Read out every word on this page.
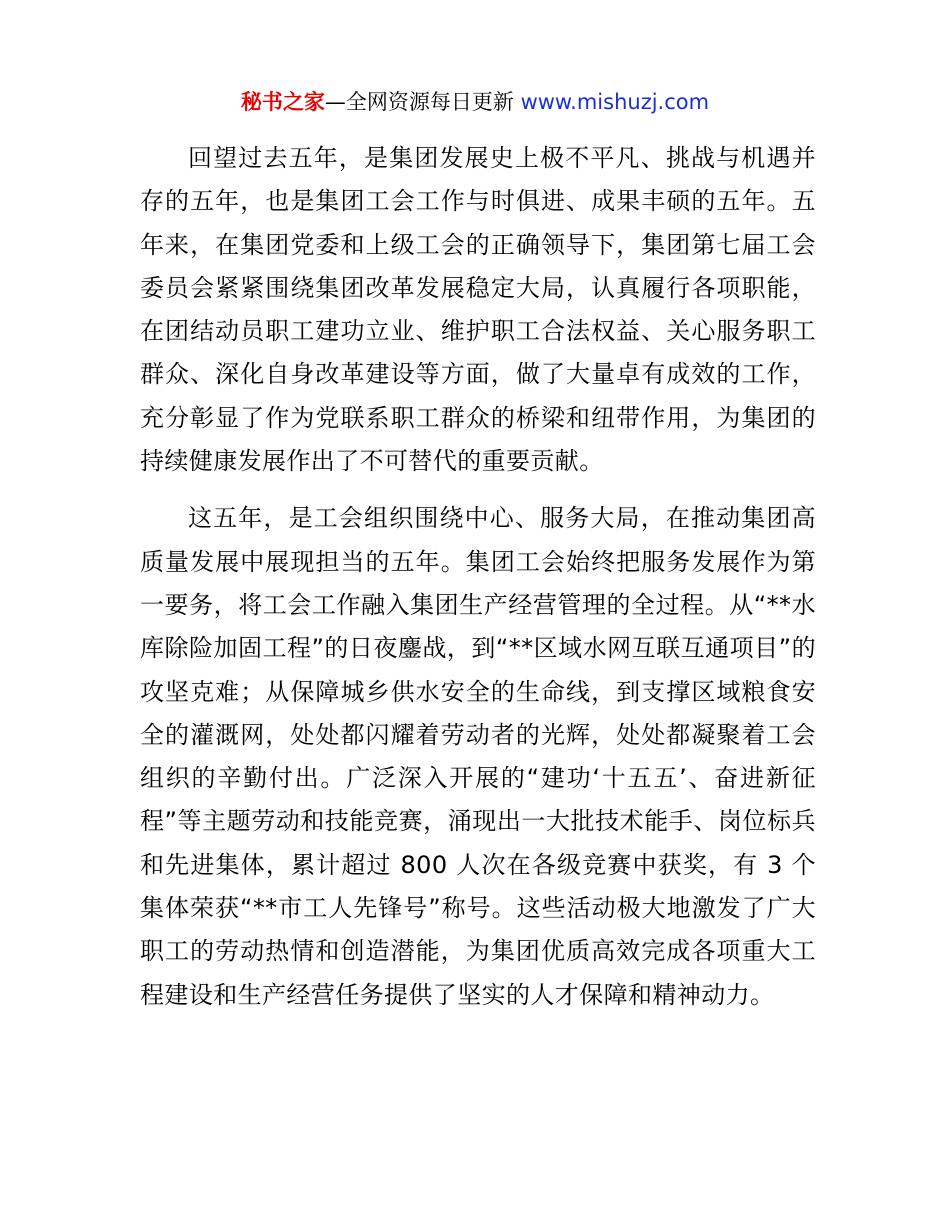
秘书之家—全网资源每日更新 www.mishuzj.com

回望过去五年，是集团发展史上极不平凡、挑战与机遇并存的五年，也是集团工会工作与时俱进、成果丰硕的五年。五年来，在集团党委和上级工会的正确领导下，集团第七届工会委员会紧紧围绕集团改革发展稳定大局，认真履行各项职能，在团结动员职工建功立业、维护职工合法权益、关心服务职工群众、深化自身改革建设等方面，做了大量卓有成效的工作，充分彰显了作为党联系职工群众的桥梁和纽带作用，为集团的持续健康发展作出了不可替代的重要贡献。

这五年，是工会组织围绕中心、服务大局，在推动集团高质量发展中展现担当的五年。集团工会始终把服务发展作为第一要务，将工会工作融入集团生产经营管理的全过程。从“**水库除险加固工程”的日夜鏖战，到“**区域水网互联互通项目”的攻坚克难；从保障城乡供水安全的生命线，到支撑区域粮食安全的灌溉网，处处都闪耀着劳动者的光辉，处处都凝聚着工会组织的辛勤付出。广泛深入开展的“建功‘十五五’、奋进新征程”等主题劳动和技能竞赛，涌现出一大批技术能手、岗位标兵和先进集体，累计超过 800 人次在各级竞赛中获奖，有 3 个集体荣获“**市工人先锋号”称号。这些活动极大地激发了广大职工的劳动热情和创造潜能，为集团优质高效完成各项重大工程建设和生产经营任务提供了坚实的人才保障和精神动力。
